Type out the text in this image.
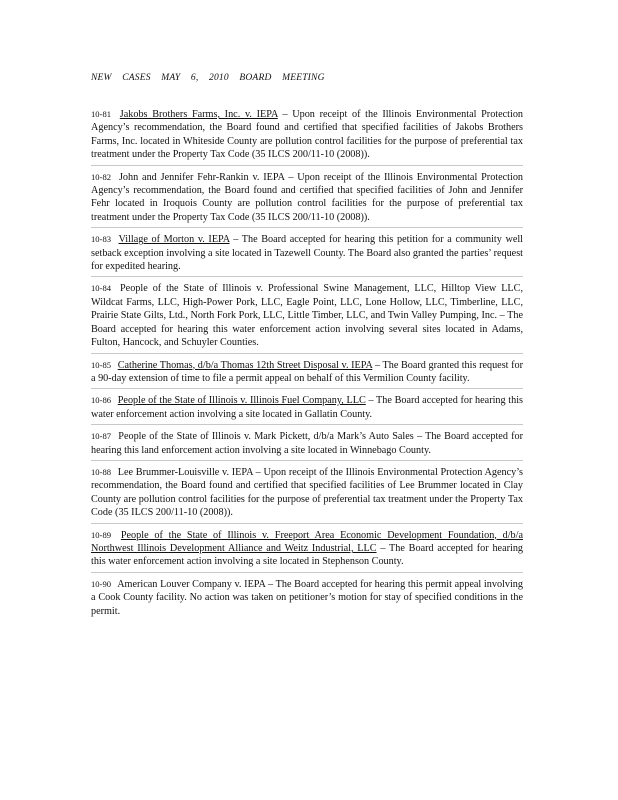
NEW CASES MAY 6, 2010 BOARD MEETING

10-81 Jakobs Brothers Farms, Inc. v. IEPA – Upon receipt of the Illinois Environmental Protection Agency’s recommendation, the Board found and certified that specified facilities of Jakobs Brothers Farms, Inc. located in Whiteside County are pollution control facilities for the purpose of preferential tax treatment under the Property Tax Code (35 ILCS 200/11-10 (2008)).

10-82 John and Jennifer Fehr-Rankin v. IEPA – Upon receipt of the Illinois Environmental Protection Agency’s recommendation, the Board found and certified that specified facilities of John and Jennifer Fehr located in Iroquois County are pollution control facilities for the purpose of preferential tax treatment under the Property Tax Code (35 ILCS 200/11-10 (2008)).

10-83 Village of Morton v. IEPA – The Board accepted for hearing this petition for a community well setback exception involving a site located in Tazewell County. The Board also granted the parties’ request for expedited hearing.

10-84 People of the State of Illinois v. Professional Swine Management, LLC, Hilltop View LLC, Wildcat Farms, LLC, High-Power Pork, LLC, Eagle Point, LLC, Lone Hollow, LLC, Timberline, LLC, Prairie State Gilts, Ltd., North Fork Pork, LLC, Little Timber, LLC, and Twin Valley Pumping, Inc. – The Board accepted for hearing this water enforcement action involving several sites located in Adams, Fulton, Hancock, and Schuyler Counties.

10-85 Catherine Thomas, d/b/a Thomas 12th Street Disposal v. IEPA – The Board granted this request for a 90-day extension of time to file a permit appeal on behalf of this Vermilion County facility.

10-86 People of the State of Illinois v. Illinois Fuel Company, LLC – The Board accepted for hearing this water enforcement action involving a site located in Gallatin County.

10-87 People of the State of Illinois v. Mark Pickett, d/b/a Mark’s Auto Sales – The Board accepted for hearing this land enforcement action involving a site located in Winnebago County.

10-88 Lee Brummer-Louisville v. IEPA – Upon receipt of the Illinois Environmental Protection Agency’s recommendation, the Board found and certified that specified facilities of Lee Brummer located in Clay County are pollution control facilities for the purpose of preferential tax treatment under the Property Tax Code (35 ILCS 200/11-10 (2008)).

10-89 People of the State of Illinois v. Freeport Area Economic Development Foundation, d/b/a Northwest Illinois Development Alliance and Weitz Industrial, LLC – The Board accepted for hearing this water enforcement action involving a site located in Stephenson County.

10-90 American Louver Company v. IEPA – The Board accepted for hearing this permit appeal involving a Cook County facility. No action was taken on petitioner’s motion for stay of specified conditions in the permit.
